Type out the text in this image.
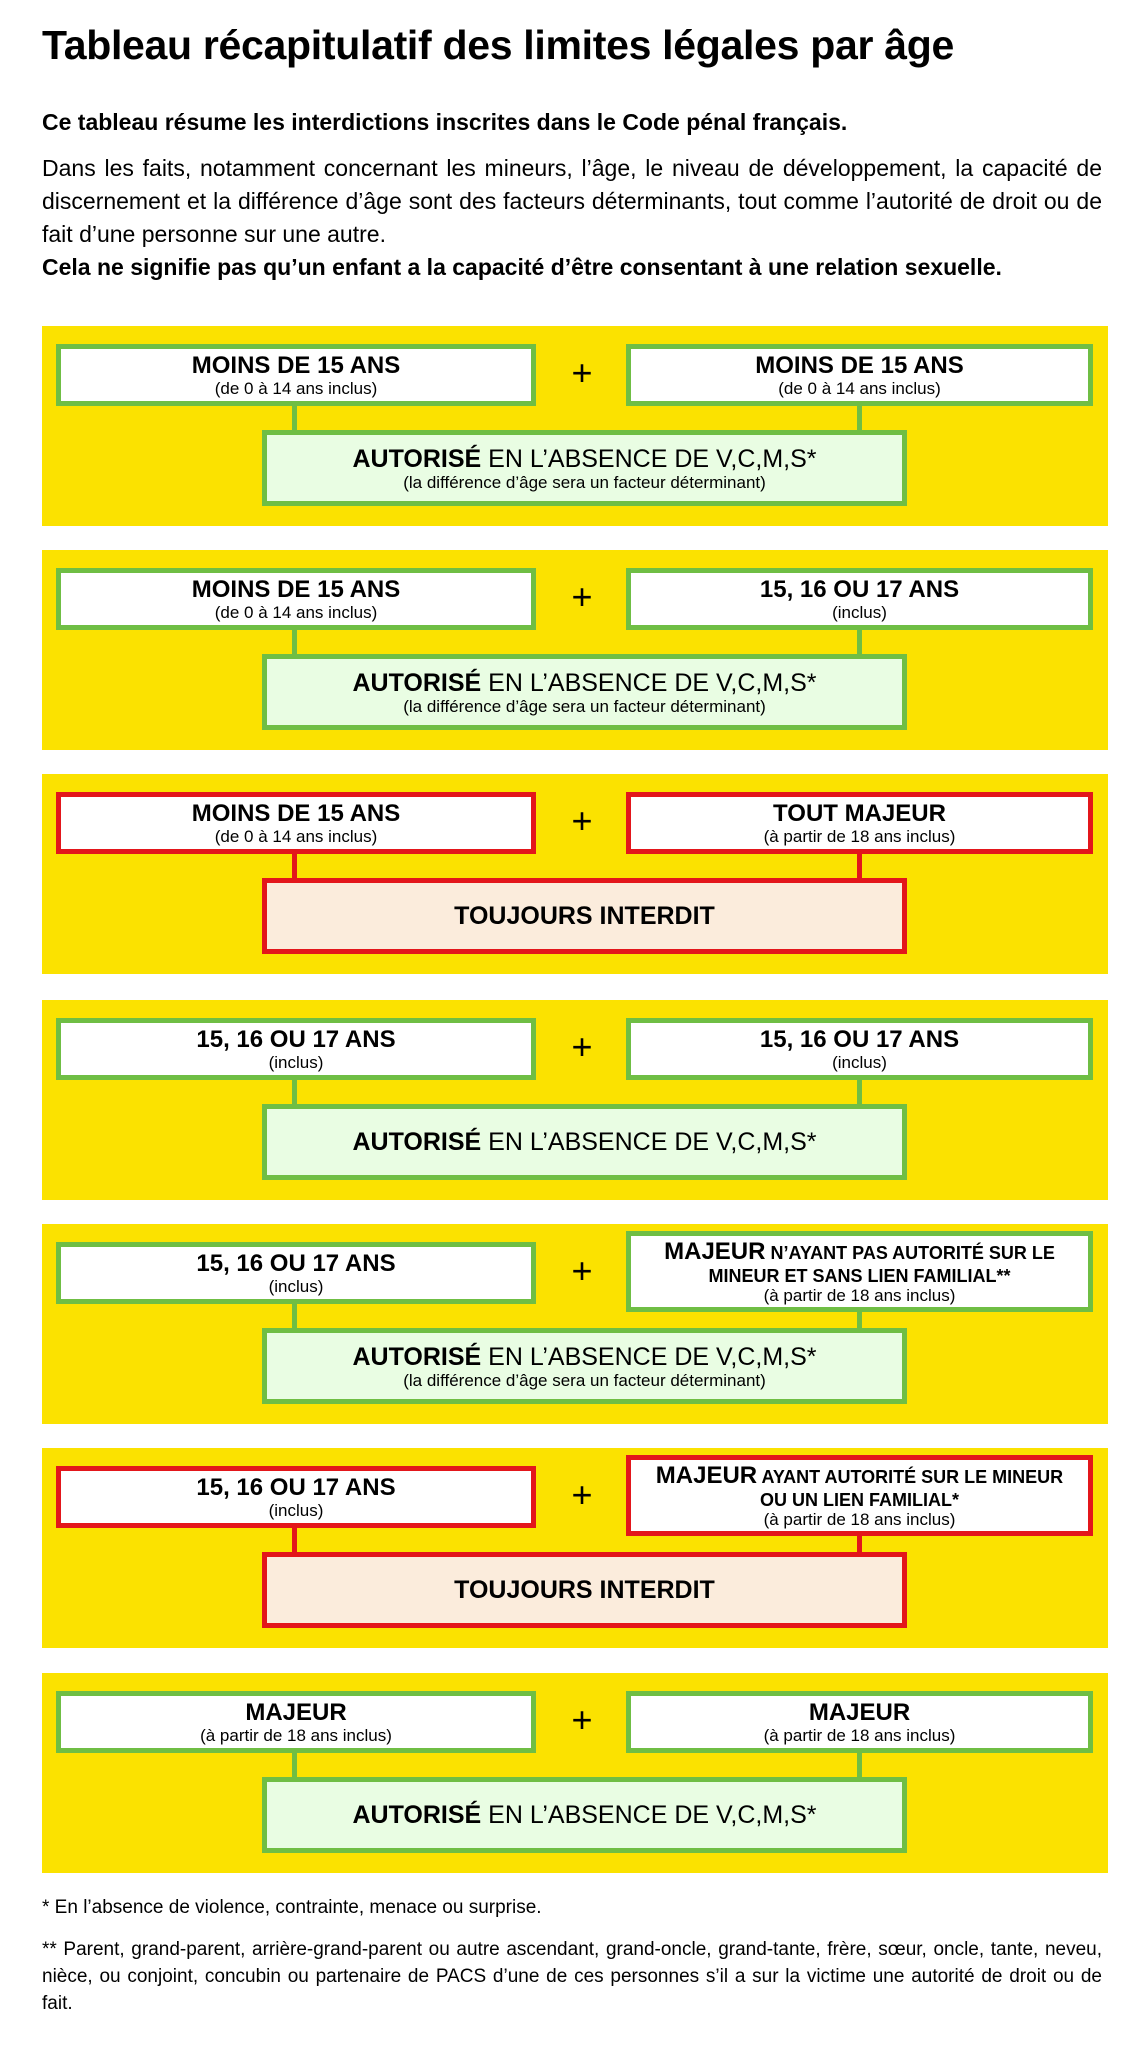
Tableau récapitulatif des limites légales par âge

Ce tableau résume les interdictions inscrites dans le Code pénal français.

Dans les faits, notamment concernant les mineurs, l’âge, le niveau de développement, la capacité de discernement et la différence d’âge sont des facteurs déterminants, tout comme l’autorité de droit ou de fait d’une personne sur une autre.

Cela ne signifie pas qu’un enfant a la capacité d’être consentant à une relation sexuelle.

MOINS DE 15 ANS
(de 0 à 14 ans inclus)	+	MOINS DE 15 ANS
(de 0 à 14 ans inclus)
AUTORISÉ EN L’ABSENCE DE V,C,M,S*
(la différence d’âge sera un facteur déterminant)
MOINS DE 15 ANS
(de 0 à 14 ans inclus)	+	15, 16 OU 17 ANS
(inclus)
AUTORISÉ EN L’ABSENCE DE V,C,M,S*
(la différence d’âge sera un facteur déterminant)
MOINS DE 15 ANS
(de 0 à 14 ans inclus)	+	TOUT MAJEUR
(à partir de 18 ans inclus)
TOUJOURS INTERDIT
15, 16 OU 17 ANS
(inclus)	+	15, 16 OU 17 ANS
(inclus)
AUTORISÉ EN L’ABSENCE DE V,C,M,S*
15, 16 OU 17 ANS
(inclus)	+	MAJEUR N’AYANT PAS AUTORITÉ SUR LE
MINEUR ET SANS LIEN FAMILIAL**
(à partir de 18 ans inclus)
AUTORISÉ EN L’ABSENCE DE V,C,M,S*
(la différence d’âge sera un facteur déterminant)
15, 16 OU 17 ANS
(inclus)	+	MAJEUR AYANT AUTORITÉ SUR LE MINEUR
OU UN LIEN FAMILIAL*
(à partir de 18 ans inclus)
TOUJOURS INTERDIT
MAJEUR
(à partir de 18 ans inclus)	+	MAJEUR
(à partir de 18 ans inclus)
AUTORISÉ EN L’ABSENCE DE V,C,M,S*
* En l’absence de violence, contrainte, menace ou surprise.
** Parent, grand-parent, arrière-grand-parent ou autre ascendant, grand-oncle, grand-tante, frère, sœur, oncle, tante, neveu, nièce, ou conjoint, concubin ou partenaire de PACS d’une de ces personnes s’il a sur la victime une autorité de droit ou de fait.
